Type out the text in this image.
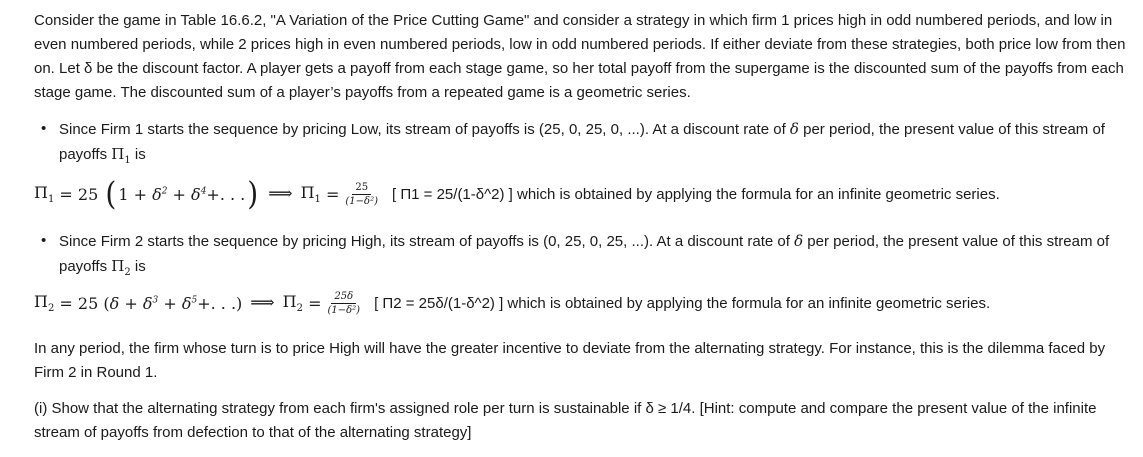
Consider the game in Table 16.6.2, "A Variation of the Price Cutting Game" and consider a strategy in which firm 1 prices high in odd numbered periods, and low in even numbered periods, while 2 prices high in even numbered periods, low in odd numbered periods. If either deviate from these strategies, both price low from then on. Let δ be the discount factor. A player gets a payoff from each stage game, so her total payoff from the supergame is the discounted sum of the payoffs from each stage game. The discounted sum of a player’s payoffs from a repeated game is a geometric series.

• Since Firm 1 starts the sequence by pricing Low, its stream of payoffs is (25, 0, 25, 0, ...). At a discount rate of δ per period, the present value of this stream of payoffs $\Pi_1$ is

$\Pi_1$
=
25
( 1 +
$\delta^2$
+
$\delta^4$ +. . . ) ⟹ $\Pi_1$
= $\frac{25}{\text{(1−δ²)}}$ [ Π1 = 25/(1-δ^2) ] which is obtained by applying the formula for an infinite geometric series.

• Since Firm 2 starts the sequence by pricing High, its stream of payoffs is (0, 25, 0, 25, ...). At a discount rate of δ per period, the present value of this stream of payoffs $\Pi_2$ is

$\Pi_2$
=
25
( δ +
$\delta^3$
+
$\delta^5$ +. . . ) ⟹ $\Pi_2$
= $\frac{25\delta}{\text{(1−δ²)}}$ [ Π2 = 25δ/(1-δ^2) ] which is obtained by applying the formula for an infinite geometric series.

In any period, the firm whose turn is to price High will have the greater incentive to deviate from the alternating strategy. For instance, this is the dilemma faced by Firm 2 in Round 1.

(i) Show that the alternating strategy from each firm's assigned role per turn is sustainable if δ ≥ 1/4. [Hint: compute and compare the present value of the infinite stream of payoffs from defection to that of the alternating strategy]
